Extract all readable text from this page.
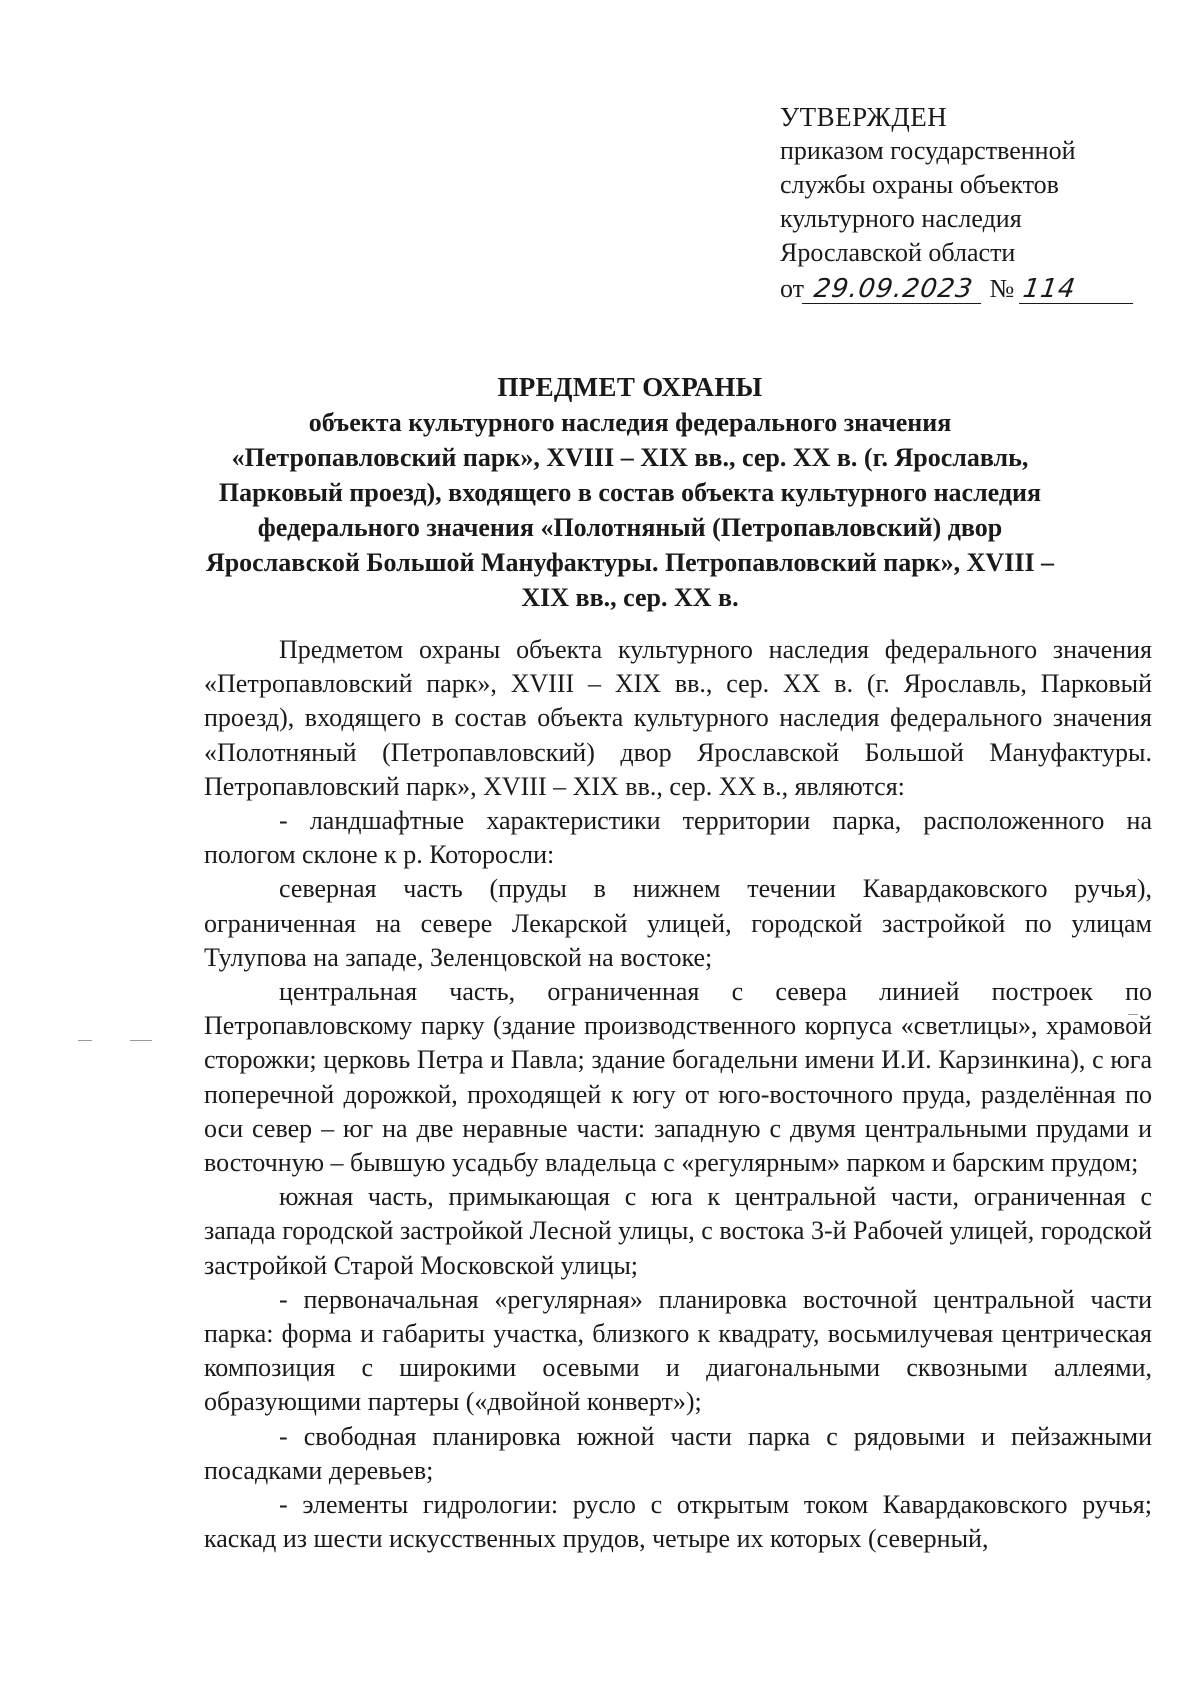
УТВЕРЖДЕН
приказом государственной
службы охраны объектов
культурного наследия
Ярославской области
от 29.09.2023 № 114
ПРЕДМЕТ ОХРАНЫ
объекта культурного наследия федерального значения
«Петропавловский парк», XVIII – XIX вв., сер. XX в. (г. Ярославль,
Парковый проезд), входящего в состав объекта культурного наследия
федерального значения «Полотняный (Петропавловский) двор
Ярославской Большой Мануфактуры. Петропавловский парк», XVIII –
XIX вв., сер. XX в.

Предметом охраны объекта культурного наследия федерального значения «Петропавловский парк», XVIII – XIX вв., сер. XX в. (г. Ярославль, Парковый проезд), входящего в состав объекта культурного наследия федерального значения «Полотняный (Петропавловский) двор Ярославской Большой Мануфактуры. Петропавловский парк», XVIII – XIX вв., сер. XX в., являются:

- ландшафтные характеристики территории парка, расположенного на пологом склоне к р. Которосли:

северная часть (пруды в нижнем течении Кавардаковского ручья), ограниченная на севере Лекарской улицей, городской застройкой по улицам Тулупова на западе, Зеленцовской на востоке;

центральная часть, ограниченная с севера линией построек по Петропавловскому парку (здание производственного корпуса «светлицы», храмовой сторожки; церковь Петра и Павла; здание богадельни имени И.И. Карзинкина), с юга поперечной дорожкой, проходящей к югу от юго-восточного пруда, разделённая по оси север – юг на две неравные части: западную с двумя центральными прудами и восточную – бывшую усадьбу владельца с «регулярным» парком и барским прудом;

южная часть, примыкающая с юга к центральной части, ограниченная с запада городской застройкой Лесной улицы, с востока 3-й Рабочей улицей, городской застройкой Старой Московской улицы;

- первоначальная «регулярная» планировка восточной центральной части парка: форма и габариты участка, близкого к квадрату, восьмилучевая центрическая композиция с широкими осевыми и диагональными сквозными аллеями, образующими партеры («двойной конверт»);

- свободная планировка южной части парка с рядовыми и пейзажными посадками деревьев;

- элементы гидрологии: русло с открытым током Кавардаковского ручья; каскад из шести искусственных прудов, четыре их которых (северный,
